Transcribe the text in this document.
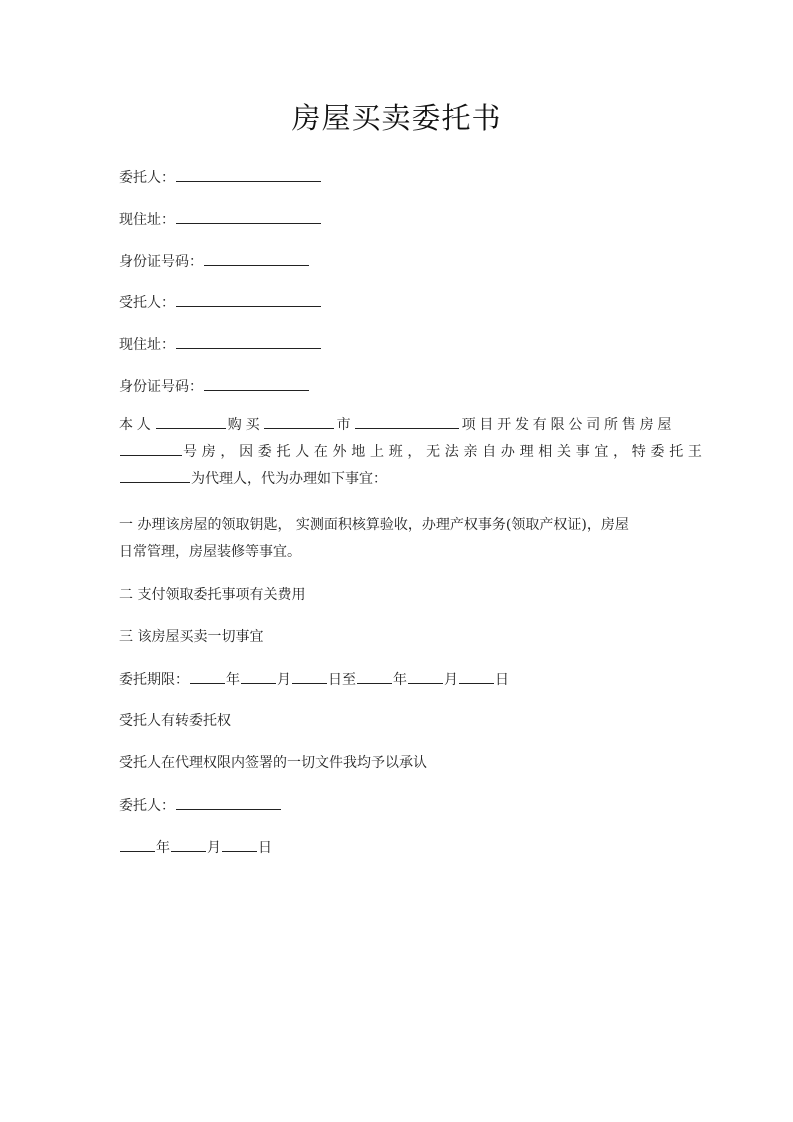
房屋买卖委托书
委托人：
现住址：
身份证号码：
受托人：
现住址：
身份证号码：
本人	购买	市	项目开发有限公司所售房屋
号房，因委托人在外地上班，无法亲自办理相关事宜，特委托王
为代理人，代为办理如下事宜：
一 办理该房屋的领取钥匙， 实测面积核算验收，办理产权事务(领取产权证)，房屋
日常管理，房屋装修等事宜。
二 支付领取委托事项有关费用
三 该房屋买卖一切事宜
委托期限：	年	月	日至	年	月	日
受托人有转委托权
受托人在代理权限内签署的一切文件我均予以承认
委托人：
年	月	日
